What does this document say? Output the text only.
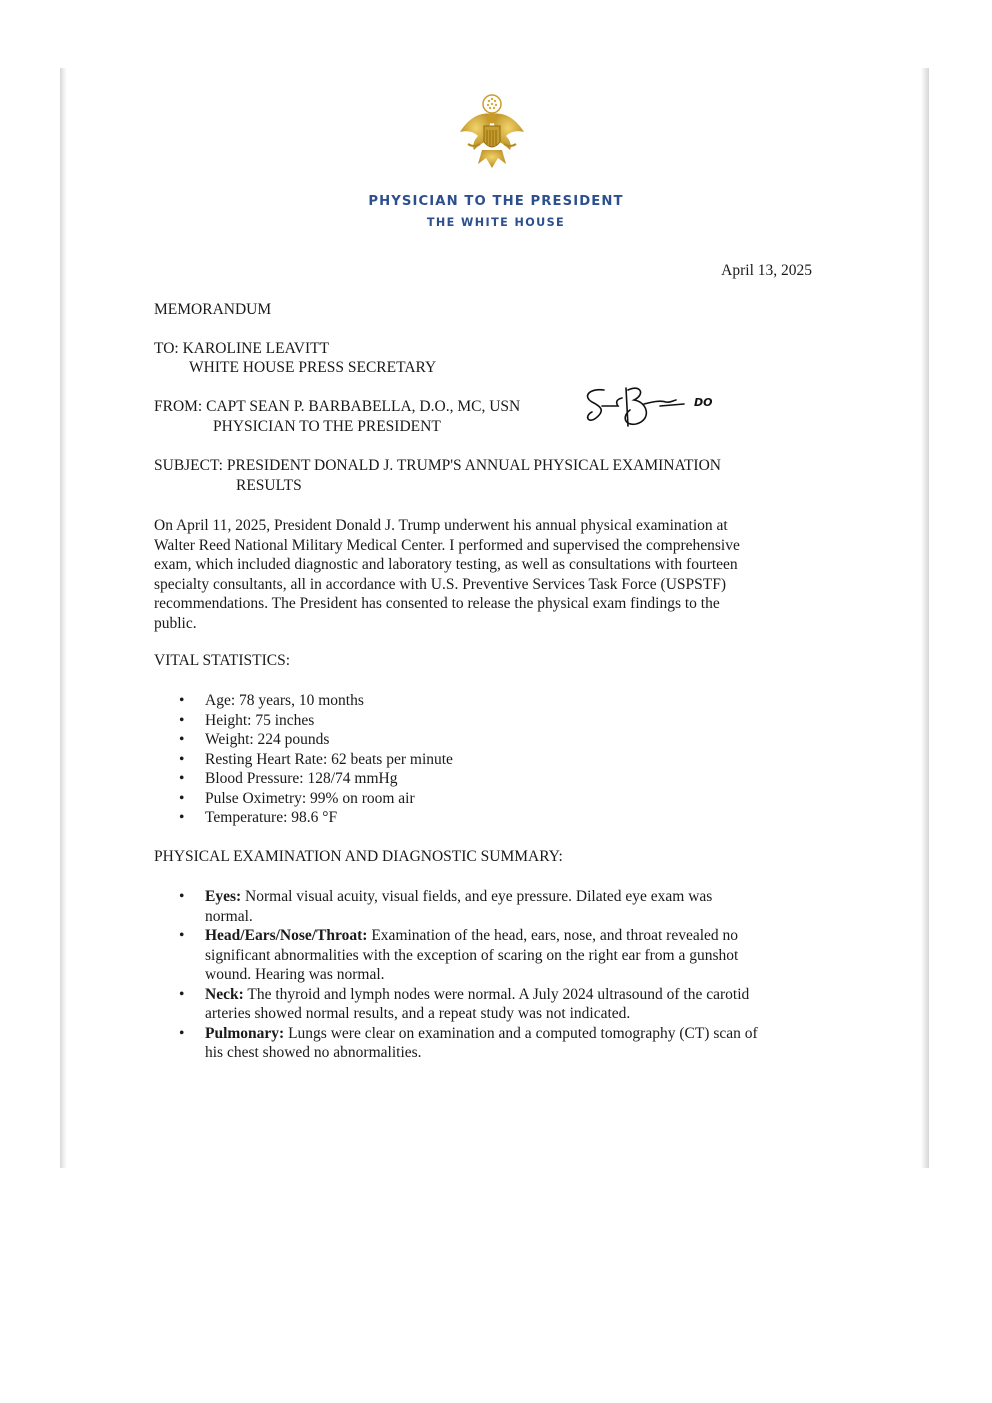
PHYSICIAN TO THE PRESIDENT
THE WHITE HOUSE
April 13, 2025
MEMORANDUM
TO: KAROLINE LEAVITT
WHITE HOUSE PRESS SECRETARY
FROM: CAPT SEAN P. BARBABELLA, D.O., MC, USN
PHYSICIAN TO THE PRESIDENT
DO
SUBJECT: PRESIDENT DONALD J. TRUMP'S ANNUAL PHYSICAL EXAMINATION
RESULTS

On April 11, 2025, President Donald J. Trump underwent his annual physical examination at

Walter Reed National Military Medical Center. I performed and supervised the comprehensive

exam, which included diagnostic and laboratory testing, as well as consultations with fourteen

specialty consultants, all in accordance with U.S. Preventive Services Task Force (USPSTF)

recommendations. The President has consented to release the physical exam findings to the

public.

VITAL STATISTICS:
• Age: 78 years, 10 months
• Height: 75 inches
• Weight: 224 pounds
• Resting Heart Rate: 62 beats per minute
• Blood Pressure: 128/74 mmHg
• Pulse Oximetry: 99% on room air
• Temperature: 98.6 °F
PHYSICAL EXAMINATION AND DIAGNOSTIC SUMMARY:
• Eyes: Normal visual acuity, visual fields, and eye pressure. Dilated eye exam was
normal.
• Head/Ears/Nose/Throat: Examination of the head, ears, nose, and throat revealed no
significant abnormalities with the exception of scaring on the right ear from a gunshot
wound. Hearing was normal.
• Neck: The thyroid and lymph nodes were normal. A July 2024 ultrasound of the carotid
arteries showed normal results, and a repeat study was not indicated.
• Pulmonary: Lungs were clear on examination and a computed tomography (CT) scan of
his chest showed no abnormalities.
